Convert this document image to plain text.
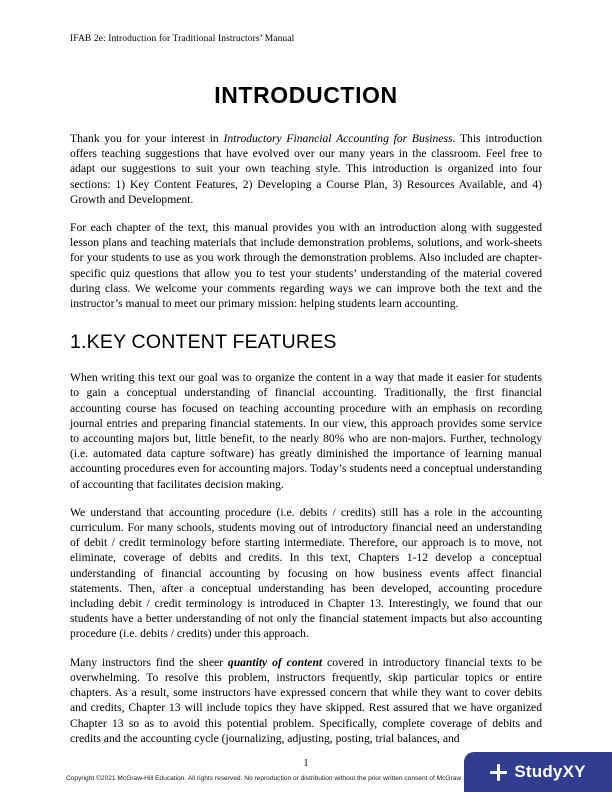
IFAB 2e: Introduction for Traditional Instructors’ Manual
INTRODUCTION

Thank you for your interest in Introductory Financial Accounting for Business. This introduction offers teaching suggestions that have evolved over our many years in the classroom. Feel free to adapt our suggestions to suit your own teaching style. This introduction is organized into four sections: 1) Key Content Features, 2) Developing a Course Plan, 3) Resources Available, and 4) Growth and Development.

For each chapter of the text, this manual provides you with an introduction along with suggested lesson plans and teaching materials that include demonstration problems, solutions, and work-sheets for your students to use as you work through the demonstration problems. Also included are chapter-specific quiz questions that allow you to test your students’ understanding of the material covered during class. We welcome your comments regarding ways we can improve both the text and the instructor’s manual to meet our primary mission: helping students learn accounting.

1.KEY CONTENT FEATURES

When writing this text our goal was to organize the content in a way that made it easier for students to gain a conceptual understanding of financial accounting. Traditionally, the first financial accounting course has focused on teaching accounting procedure with an emphasis on recording journal entries and preparing financial statements. In our view, this approach provides some service to accounting majors but, little benefit, to the nearly 80% who are non-majors. Further, technology (i.e. automated data capture software) has greatly diminished the importance of learning manual accounting procedures even for accounting majors. Today’s students need a conceptual understanding of accounting that facilitates decision making.

We understand that accounting procedure (i.e. debits / credits) still has a role in the accounting curriculum. For many schools, students moving out of introductory financial need an understanding of debit / credit terminology before starting intermediate. Therefore, our approach is to move, not eliminate, coverage of debits and credits. In this text, Chapters 1-12 develop a conceptual understanding of financial accounting by focusing on how business events affect financial statements. Then, after a conceptual understanding has been developed, accounting procedure including debit / credit terminology is introduced in Chapter 13. Interestingly, we found that our students have a better understanding of not only the financial statement impacts but also accounting procedure (i.e. debits / credits) under this approach.

Many instructors find the sheer quantity of content covered in introductory financial texts to be overwhelming. To resolve this problem, instructors frequently, skip particular topics or entire chapters. As a result, some instructors have expressed concern that while they want to cover debits and credits, Chapter 13 will include topics they have skipped. Rest assured that we have organized Chapter 13 so as to avoid this potential problem. Specifically, complete coverage of debits and credits and the accounting cycle (journalizing, adjusting, posting, trial balances, and

1
Copyright ©2021 McGraw-Hill Education. All rights reserved. No reproduction or distribution without the prior written consent of McGraw	StudyXY
